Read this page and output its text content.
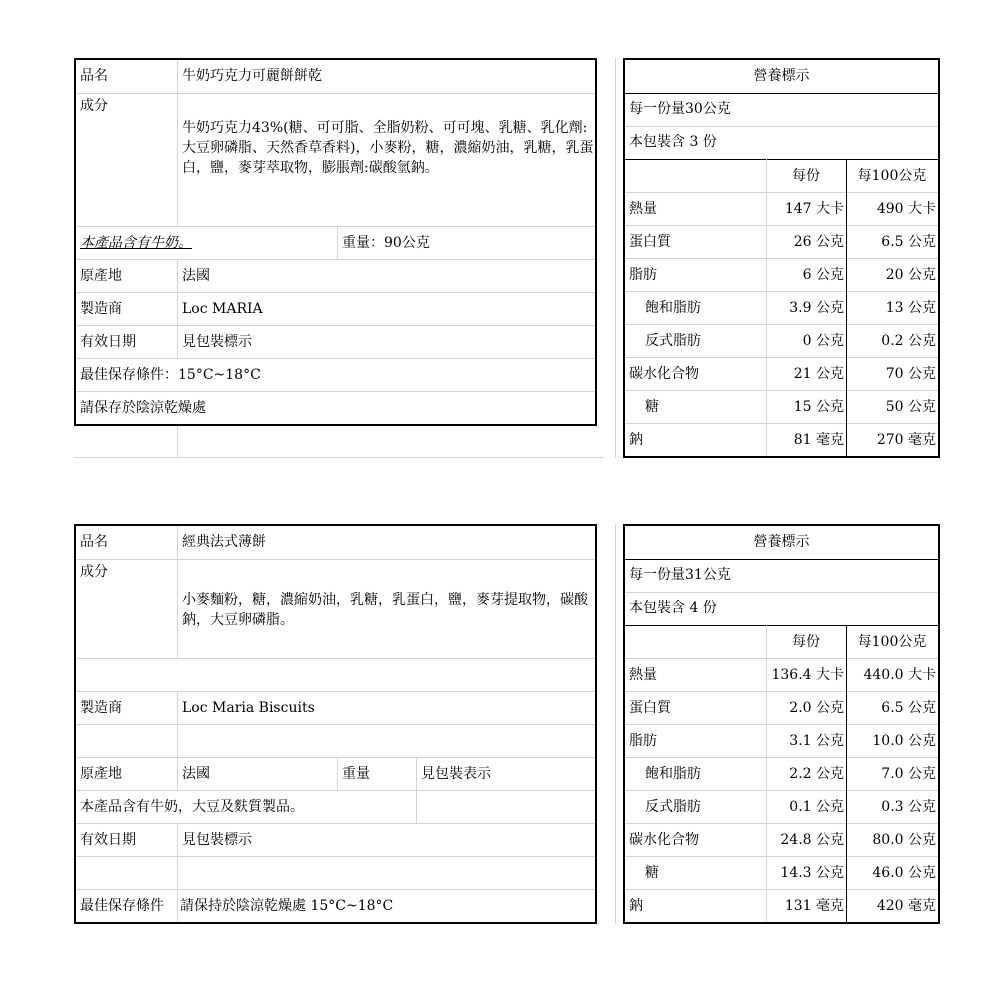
品名	牛奶巧克力可麗餅餅乾
成分
牛奶巧克力43%(糖、可可脂、全脂奶粉、可可塊、乳糖、乳化劑:大豆卵磷脂、天然香草香料)，小麥粉，糖，濃縮奶油，乳糖，乳蛋白，鹽，麥芽萃取物，膨脹劑:碳酸氫鈉。
本產品含有牛奶。	重量：90公克
原產地	法國
製造商	Loc MARIA
有效日期	見包裝標示
最佳保存條件：15°C~18°C
請保存於陰涼乾燥處
營養標示
每一份量30公克
本包裝含 3 份
每份	每100公克
熱量	147 大卡	490 大卡
蛋白質	26 公克	6.5 公克
脂肪	6 公克	20 公克
飽和脂肪	3.9 公克	13 公克
反式脂肪	0 公克	0.2 公克
碳水化合物	21 公克	70 公克
糖	15 公克	50 公克
鈉	81 毫克	270 毫克
品名	經典法式薄餅
成分
小麥麵粉，糖，濃縮奶油，乳糖，乳蛋白，鹽，麥芽提取物，碳酸鈉，大豆卵磷脂。
製造商	Loc Maria Biscuits
原產地	法國	重量	見包裝表示
本產品含有牛奶，大豆及麩質製品。
有效日期	見包裝標示
最佳保存條件 請保持於陰涼乾燥處 15°C~18°C
營養標示
每一份量31公克
本包裝含 4 份
每份	每100公克
熱量	136.4 大卡	440.0 大卡
蛋白質	2.0 公克	6.5 公克
脂肪	3.1 公克	10.0 公克
飽和脂肪	2.2 公克	7.0 公克
反式脂肪	0.1 公克	0.3 公克
碳水化合物	24.8 公克	80.0 公克
糖	14.3 公克	46.0 公克
鈉	131 毫克	420 毫克
